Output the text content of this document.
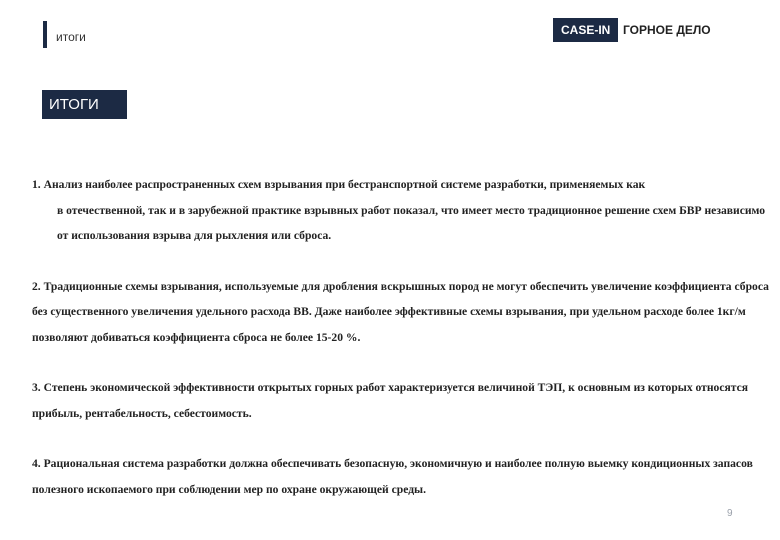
итоги	CASE-IN	ГОРНОЕ ДЕЛО
ИТОГИ

1. Анализ наиболее распространенных схем взрывания при бестранспортной системе разработки, применяемых как
в отечественной, так и в зарубежной практике взрывных работ показал, что имеет место традиционное решение схем БВР независимо от использования взрыва для рыхления или сброса.

2. Традиционные схемы взрывания, используемые для дробления вскрышных пород не могут обеспечить увеличение коэффициента сброса без существенного увеличения удельного расхода ВВ. Даже наиболее эффективные схемы взрывания, при удельном расходе более 1кг/м позволяют добиваться коэффициента сброса не более 15-20 %.

3. Степень экономической эффективности открытых горных работ характеризуется величиной ТЭП, к основным из которых относятся прибыль, рентабельность, себестоимость.

4. Рациональная система разработки должна обеспечивать безопасную, экономичную и наиболее полную выемку кондиционных запасов полезного ископаемого при соблюдении мер по охране окружающей среды.

9
